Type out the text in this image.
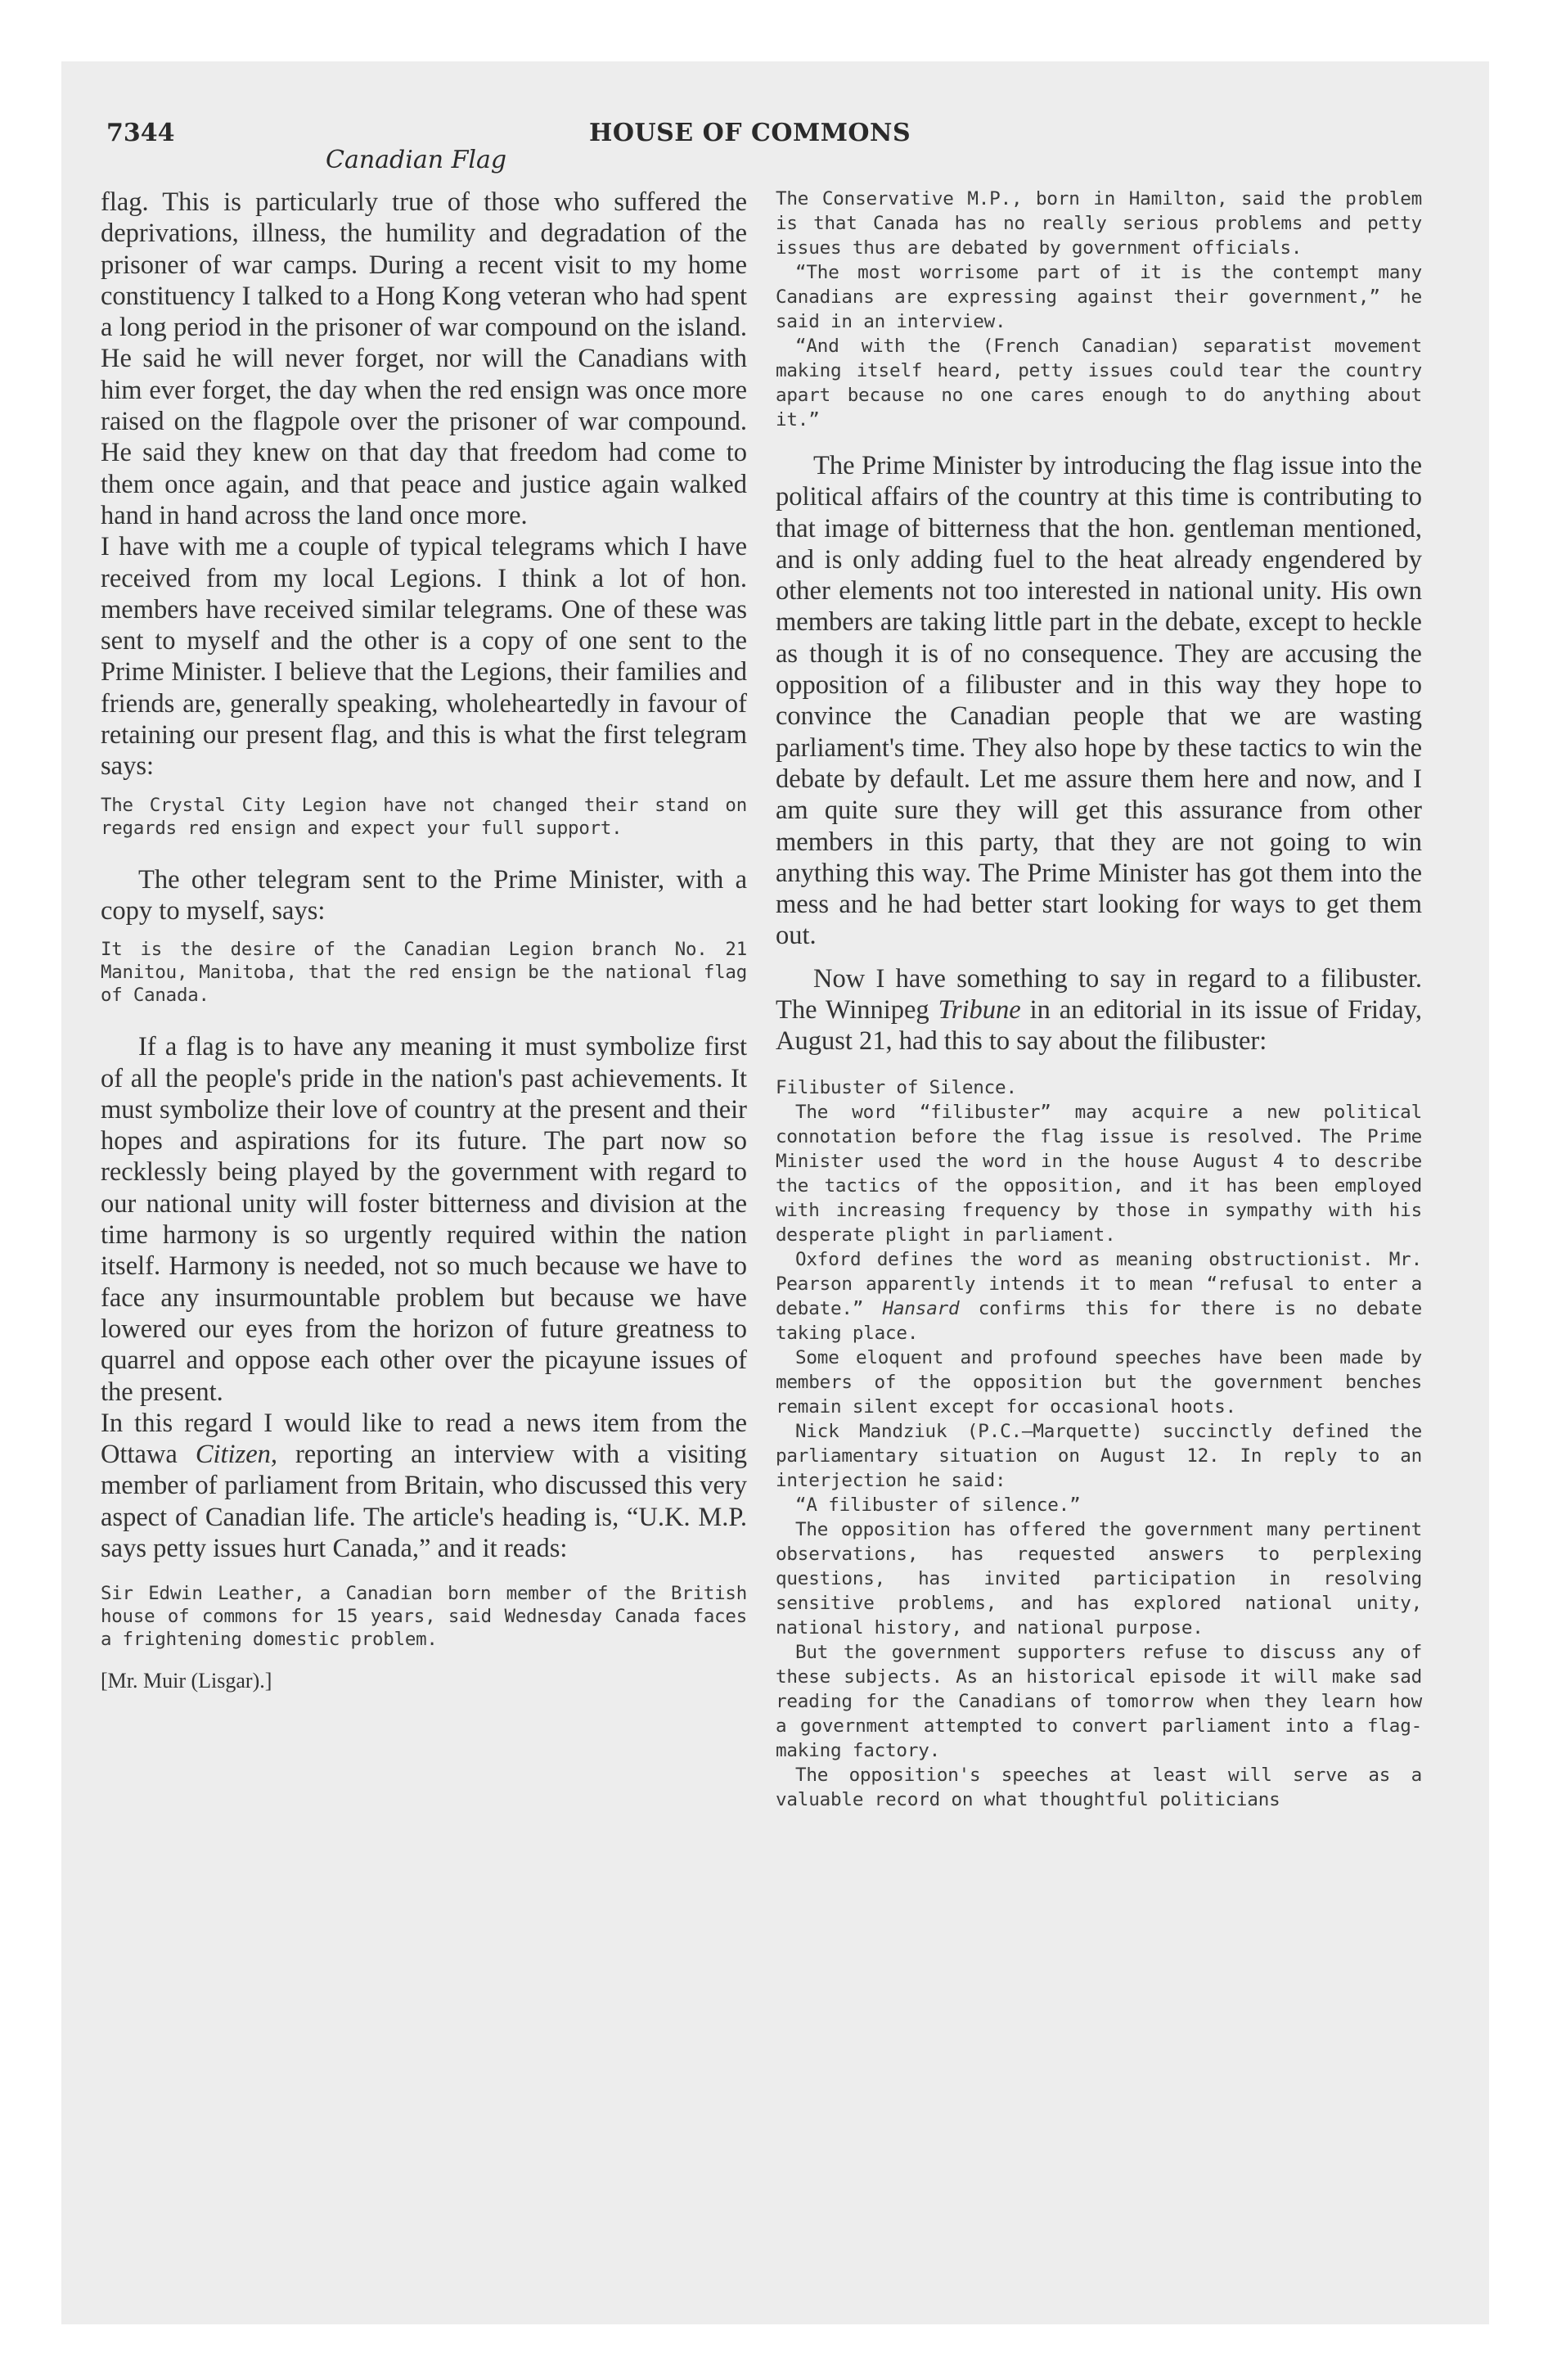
7344	HOUSE OF COMMONS
Canadian Flag

flag. This is particularly true of those who suffered the deprivations, illness, the humility and degradation of the prisoner of war camps. During a recent visit to my home constituency I talked to a Hong Kong veteran who had spent a long period in the prisoner of war compound on the island. He said he will never forget, nor will the Canadians with him ever forget, the day when the red ensign was once more raised on the flagpole over the prisoner of war compound. He said they knew on that day that freedom had come to them once again, and that peace and justice again walked hand in hand across the land once more.

I have with me a couple of typical telegrams which I have received from my local Legions. I think a lot of hon. members have received similar telegrams. One of these was sent to myself and the other is a copy of one sent to the Prime Minister. I believe that the Legions, their families and friends are, generally speaking, wholeheartedly in favour of retaining our present flag, and this is what the first telegram says:

The Crystal City Legion have not changed their stand on regards red ensign and expect your full support.

The other telegram sent to the Prime Minister, with a copy to myself, says:

It is the desire of the Canadian Legion branch No. 21 Manitou, Manitoba, that the red ensign be the national flag of Canada.

If a flag is to have any meaning it must symbolize first of all the people's pride in the nation's past achievements. It must symbolize their love of country at the present and their hopes and aspirations for its future. The part now so recklessly being played by the government with regard to our national unity will foster bitterness and division at the time harmony is so urgently required within the nation itself. Harmony is needed, not so much because we have to face any insurmountable problem but because we have lowered our eyes from the horizon of future greatness to quarrel and oppose each other over the picayune issues of the present.

In this regard I would like to read a news item from the Ottawa Citizen, reporting an interview with a visiting member of parliament from Britain, who discussed this very aspect of Canadian life. The article's heading is, “U.K. M.P. says petty issues hurt Canada,” and it reads:

Sir Edwin Leather, a Canadian born member of the British house of commons for 15 years, said Wednesday Canada faces a frightening domestic problem.

[Mr. Muir (Lisgar).]

The Conservative M.P., born in Hamilton, said the problem is that Canada has no really serious problems and petty issues thus are debated by government officials.

“The most worrisome part of it is the contempt many Canadians are expressing against their government,” he said in an interview.

“And with the (French Canadian) separatist movement making itself heard, petty issues could tear the country apart because no one cares enough to do anything about it.”

The Prime Minister by introducing the flag issue into the political affairs of the country at this time is contributing to that image of bitterness that the hon. gentleman mentioned, and is only adding fuel to the heat already engendered by other elements not too interested in national unity. His own members are taking little part in the debate, except to heckle as though it is of no consequence. They are accusing the opposition of a filibuster and in this way they hope to convince the Canadian people that we are wasting parliament's time. They also hope by these tactics to win the debate by default. Let me assure them here and now, and I am quite sure they will get this assurance from other members in this party, that they are not going to win anything this way. The Prime Minister has got them into the mess and he had better start looking for ways to get them out.

Now I have something to say in regard to a filibuster. The Winnipeg Tribune in an editorial in its issue of Friday, August 21, had this to say about the filibuster:

Filibuster of Silence.

The word “filibuster” may acquire a new political connotation before the flag issue is resolved. The Prime Minister used the word in the house August 4 to describe the tactics of the opposition, and it has been employed with increasing frequency by those in sympathy with his desperate plight in parliament.

Oxford defines the word as meaning obstructionist. Mr. Pearson apparently intends it to mean “refusal to enter a debate.” Hansard confirms this for there is no debate taking place.

Some eloquent and profound speeches have been made by members of the opposition but the government benches remain silent except for occasional hoots.

Nick Mandziuk (P.C.—Marquette) succinctly defined the parliamentary situation on August 12. In reply to an interjection he said:

“A filibuster of silence.”

The opposition has offered the government many pertinent observations, has requested answers to perplexing questions, has invited participation in resolving sensitive problems, and has explored national unity, national history, and national purpose.

But the government supporters refuse to discuss any of these subjects. As an historical episode it will make sad reading for the Canadians of tomorrow when they learn how a government attempted to convert parliament into a flag-making factory.

The opposition's speeches at least will serve as a valuable record on what thoughtful politicians
